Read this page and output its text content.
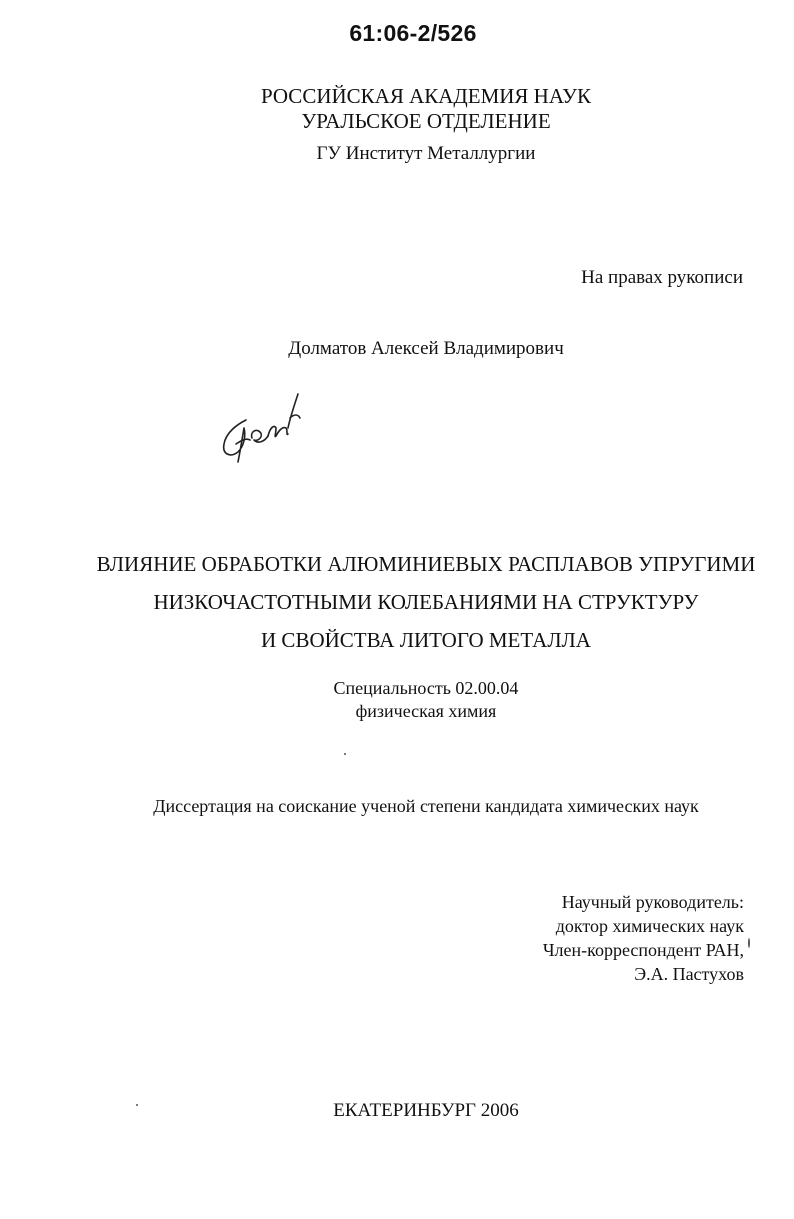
61:06-2/526
РОССИЙСКАЯ АКАДЕМИЯ НАУК
УРАЛЬСКОЕ ОТДЕЛЕНИЕ
ГУ Институт Металлургии
На правах рукописи
Долматов Алексей Владимирович
ВЛИЯНИЕ ОБРАБОТКИ АЛЮМИНИЕВЫХ РАСПЛАВОВ УПРУГИМИ
НИЗКОЧАСТОТНЫМИ КОЛЕБАНИЯМИ НА СТРУКТУРУ
И СВОЙСТВА ЛИТОГО МЕТАЛЛА
Специальность 02.00.04
физическая химия
Диссертация на соискание ученой степени кандидата химических наук
Научный руководитель:
доктор химических наук
Член-корреспондент РАН,
Э.А. Пастухов
ЕКАТЕРИНБУРГ 2006
